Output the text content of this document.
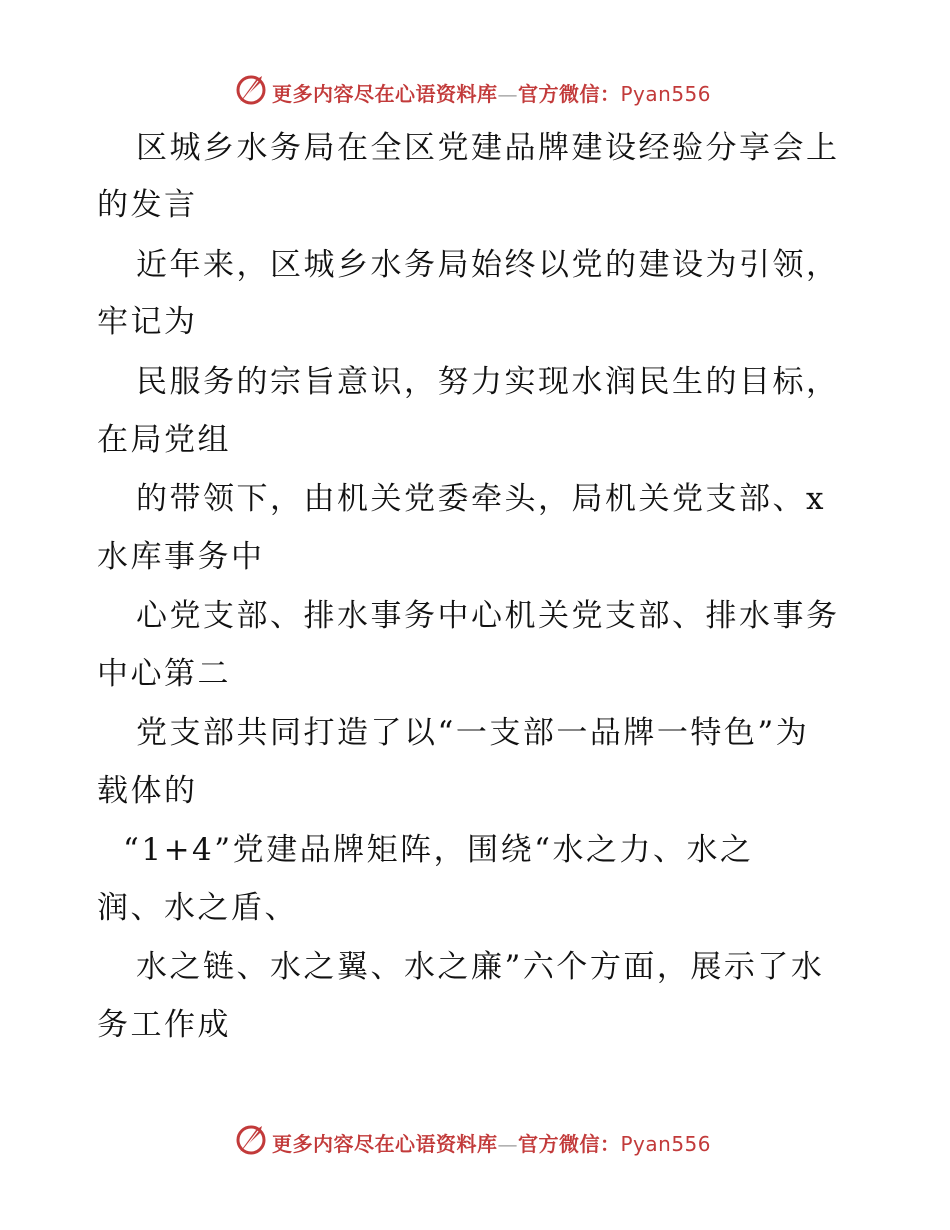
更多内容尽在心语资料库—官方微信：Pyan556
区城乡水务局在全区党建品牌建设经验分享会上
的发言
近年来，区城乡水务局始终以党的建设为引领，
牢记为
民服务的宗旨意识，努力实现水润民生的目标，
在局党组
的带领下，由机关党委牵头，局机关党支部、x
水库事务中
心党支部、排水事务中心机关党支部、排水事务
中心第二
党支部共同打造了以“一支部一品牌一特色”为
载体的
“1+4”党建品牌矩阵，围绕“水之力、水之
润、水之盾、
水之链、水之翼、水之廉”六个方面，展示了水
务工作成
更多内容尽在心语资料库—官方微信：Pyan556
